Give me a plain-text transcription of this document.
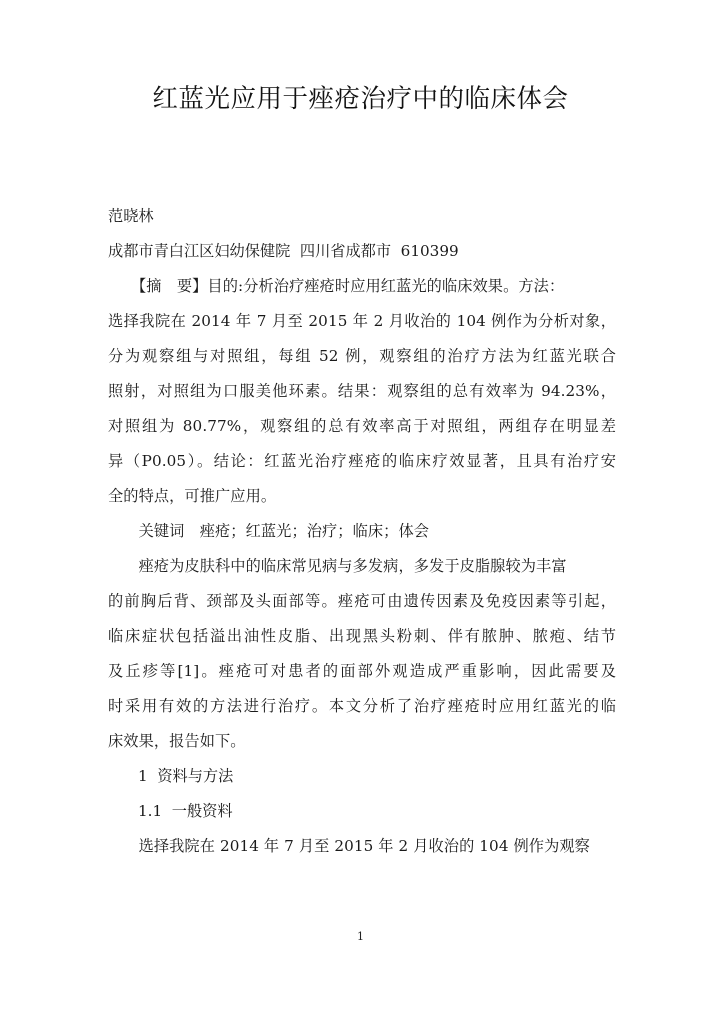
红蓝光应用于痤疮治疗中的临床体会
范晓林
成都市青白江区妇幼保健院  四川省成都市  610399
　　【摘　要】目的:分析治疗痤疮时应用红蓝光的临床效果。方法：
选择我院在 2014 年 7 月至 2015 年 2 月收治的 104 例作为分析对象，
分为观察组与对照组，每组 52 例，观察组的治疗方法为红蓝光联合
照射，对照组为口服美他环素。结果：观察组的总有效率为 94.23%，
对照组为 80.77%，观察组的总有效率高于对照组，两组存在明显差
异（P0.05）。结论：红蓝光治疗痤疮的临床疗效显著，且具有治疗安
全的特点，可推广应用。
　　关键词　痤疮；红蓝光；治疗；临床；体会
　　痤疮为皮肤科中的临床常见病与多发病，多发于皮脂腺较为丰富
的前胸后背、颈部及头面部等。痤疮可由遗传因素及免疫因素等引起，
临床症状包括溢出油性皮脂、出现黑头粉刺、伴有脓肿、脓疱、结节
及丘疹等[1]。痤疮可对患者的面部外观造成严重影响，因此需要及
时采用有效的方法进行治疗。本文分析了治疗痤疮时应用红蓝光的临
床效果，报告如下。
1  资料与方法
1.1  一般资料
　　选择我院在 2014 年 7 月至 2015 年 2 月收治的 104 例作为观察
1
